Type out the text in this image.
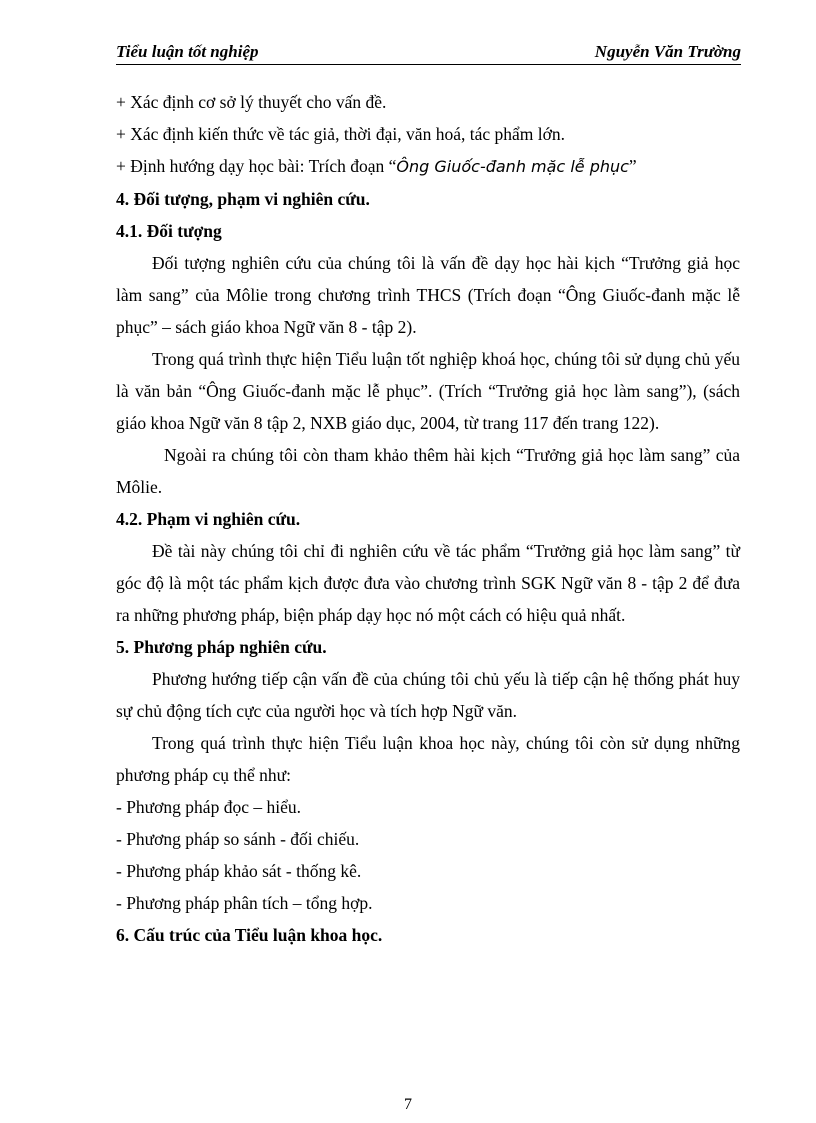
Tiểu luận tốt nghiệp	Nguyễn Văn Trường

+ Xác định cơ sở lý thuyết cho vấn đề.

+ Xác định kiến thức về tác giả, thời đại, văn hoá, tác phẩm lớn.

+ Định hướng dạy học bài: Trích đoạn “Ông Giuốc-đanh mặc lễ phục”

4. Đối tượng, phạm vi nghiên cứu.

4.1. Đối tượng

Đối tượng nghiên cứu của chúng tôi là vấn đề dạy học hài kịch “Trưởng giả học làm sang” của Môlie trong chương trình THCS (Trích đoạn “Ông Giuốc-đanh mặc lễ phục” – sách giáo khoa Ngữ văn 8 - tập 2).

Trong quá trình thực hiện Tiểu luận tốt nghiệp khoá học, chúng tôi sử dụng chủ yếu là văn bản “Ông Giuốc-đanh mặc lễ phục”. (Trích “Trưởng giả học làm sang”), (sách giáo khoa Ngữ văn 8 tập 2, NXB giáo dục, 2004, từ trang 117 đến trang 122).

Ngoài ra chúng tôi còn tham khảo thêm hài kịch “Trưởng giả học làm sang” của Môlie.

4.2. Phạm vi nghiên cứu.

Đề tài này chúng tôi chỉ đi nghiên cứu về tác phẩm “Trưởng giả học làm sang” từ góc độ là một tác phẩm kịch được đưa vào chương trình SGK Ngữ văn 8 - tập 2 để đưa ra những phương pháp, biện pháp dạy học nó một cách có hiệu quả nhất.

5. Phương pháp nghiên cứu.

Phương hướng tiếp cận vấn đề của chúng tôi chủ yếu là tiếp cận hệ thống phát huy sự chủ động tích cực của người học và tích hợp Ngữ văn.

Trong quá trình thực hiện Tiểu luận khoa học này, chúng tôi còn sử dụng những phương pháp cụ thể như:

- Phương pháp đọc – hiểu.

- Phương pháp so sánh - đối chiếu.

- Phương pháp khảo sát - thống kê.

- Phương pháp phân tích – tổng hợp.

6. Cấu trúc của Tiểu luận khoa học.

7
